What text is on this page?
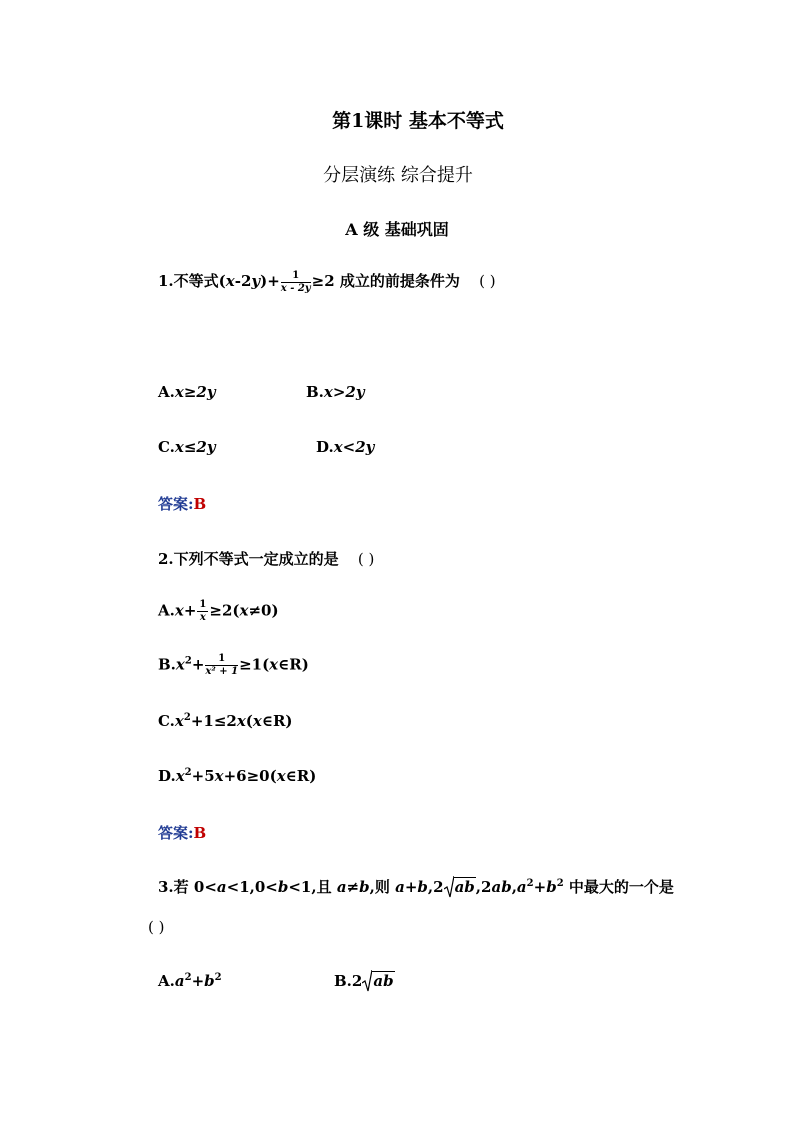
第1课时 基本不等式
分层演练 综合提升
A 级 基础巩固
1.不等式$(x-2y)+ \frac{1}{x - 2y} \ge 2$ 成立的前提条件为 ( )
A.x≥2y	B.x>2y
C.x≤2y	D.x<2y
答案:B
2.下列不等式一定成立的是 ( )
$A.x+ \frac{1}{x} \ge 2(x\ne 0)$
$B.x^2+ \frac{1}{\text{x² + 1}}$ ≥1(x∈R)
$C.x^2+1\le 2x(x\in R)$
$D.x^2+5x+6\ge 0(x\in R)$
答案:B
3.若 0<a<1,0<b<1,且 a≠b,则 a+b,2 $ab,2ab,a^2+b^2$ 中最大的一个是
( )
$A.a^2+b^2$	B.2 ab
